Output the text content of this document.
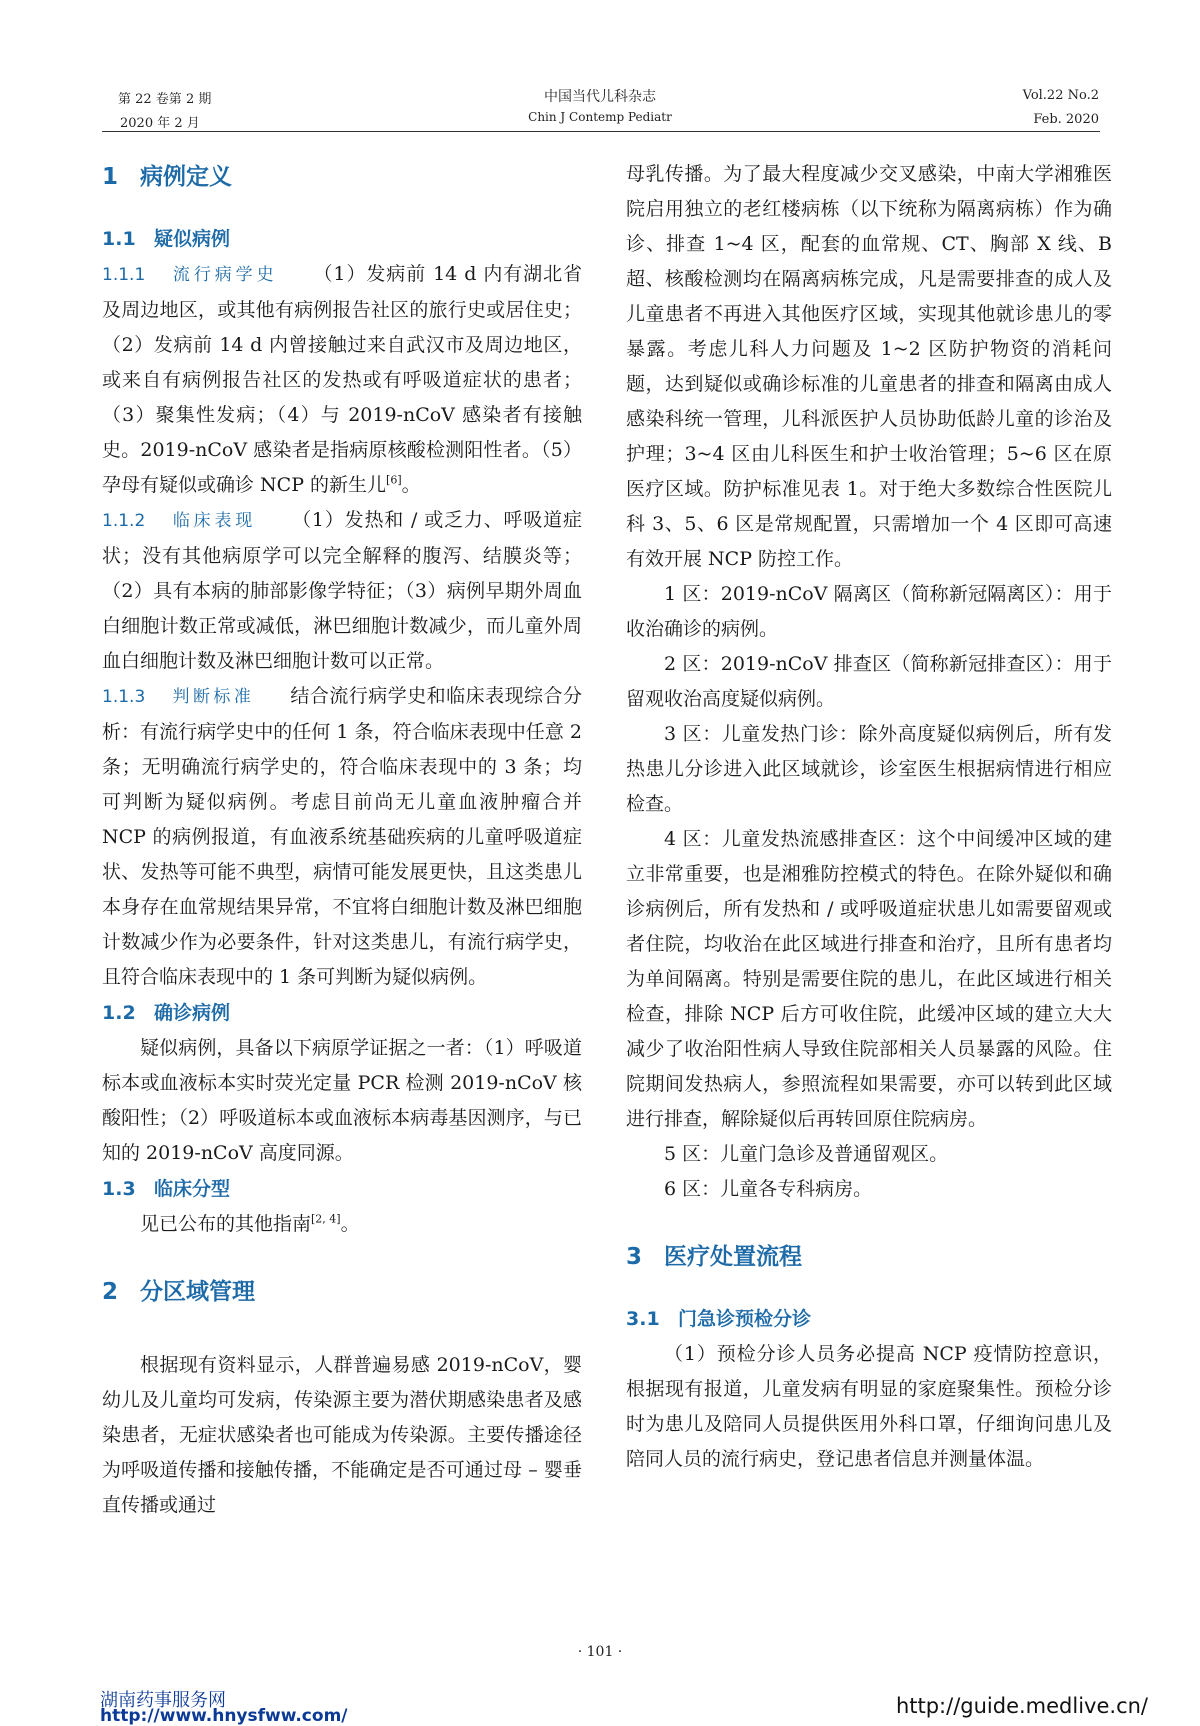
第 22 卷第 2 期
2020 年 2 月
中国当代儿科杂志
Chin J Contemp Pediatr
Vol.22 No.2
Feb. 2020
1 病例定义
1.1 疑似病例

1.1.1 流行病学史 （1）发病前 14 d 内有湖北省及周边地区，或其他有病例报告社区的旅行史或居住史；（2）发病前 14 d 内曾接触过来自武汉市及周边地区，或来自有病例报告社区的发热或有呼吸道症状的患者；（3）聚集性发病；（4）与 2019-nCoV 感染者有接触史。2019-nCoV 感染者是指病原核酸检测阳性者。（5）孕母有疑似或确诊 NCP 的新生儿[6]。

1.1.2 临床表现 （1）发热和 / 或乏力、呼吸道症状；没有其他病原学可以完全解释的腹泻、结膜炎等；（2）具有本病的肺部影像学特征；（3）病例早期外周血白细胞计数正常或减低，淋巴细胞计数减少，而儿童外周血白细胞计数及淋巴细胞计数可以正常。

1.1.3 判断标准 结合流行病学史和临床表现综合分析：有流行病学史中的任何 1 条，符合临床表现中任意 2 条；无明确流行病学史的，符合临床表现中的 3 条；均可判断为疑似病例。考虑目前尚无儿童血液肿瘤合并 NCP 的病例报道，有血液系统基础疾病的儿童呼吸道症状、发热等可能不典型，病情可能发展更快，且这类患儿本身存在血常规结果异常，不宜将白细胞计数及淋巴细胞计数减少作为必要条件，针对这类患儿，有流行病学史，且符合临床表现中的 1 条可判断为疑似病例。

1.2 确诊病例

疑似病例，具备以下病原学证据之一者：（1）呼吸道标本或血液标本实时荧光定量 PCR 检测 2019-nCoV 核酸阳性；（2）呼吸道标本或血液标本病毒基因测序，与已知的 2019-nCoV 高度同源。

1.3 临床分型

见已公布的其他指南[2, 4]。

2 分区域管理

根据现有资料显示，人群普遍易感 2019-nCoV，婴幼儿及儿童均可发病，传染源主要为潜伏期感染患者及感染患者，无症状感染者也可能成为传染源。主要传播途径为呼吸道传播和接触传播，不能确定是否可通过母 – 婴垂直传播或通过

母乳传播。为了最大程度减少交叉感染，中南大学湘雅医院启用独立的老红楼病栋（以下统称为隔离病栋）作为确诊、排查 1~4 区，配套的血常规、CT、胸部 X 线、B 超、核酸检测均在隔离病栋完成，凡是需要排查的成人及儿童患者不再进入其他医疗区域，实现其他就诊患儿的零暴露。考虑儿科人力问题及 1~2 区防护物资的消耗问题，达到疑似或确诊标准的儿童患者的排查和隔离由成人感染科统一管理，儿科派医护人员协助低龄儿童的诊治及护理；3~4 区由儿科医生和护士收治管理；5~6 区在原医疗区域。防护标准见表 1。对于绝大多数综合性医院儿科 3、5、6 区是常规配置，只需增加一个 4 区即可高速有效开展 NCP 防控工作。

1 区：2019-nCoV 隔离区（简称新冠隔离区）：用于收治确诊的病例。

2 区：2019-nCoV 排查区（简称新冠排查区）：用于留观收治高度疑似病例。

3 区：儿童发热门诊：除外高度疑似病例后，所有发热患儿分诊进入此区域就诊，诊室医生根据病情进行相应检查。

4 区：儿童发热流感排查区：这个中间缓冲区域的建立非常重要，也是湘雅防控模式的特色。在除外疑似和确诊病例后，所有发热和 / 或呼吸道症状患儿如需要留观或者住院，均收治在此区域进行排查和治疗，且所有患者均为单间隔离。特别是需要住院的患儿，在此区域进行相关检查，排除 NCP 后方可收住院，此缓冲区域的建立大大减少了收治阳性病人导致住院部相关人员暴露的风险。住院期间发热病人，参照流程如果需要，亦可以转到此区域进行排查，解除疑似后再转回原住院病房。

5 区：儿童门急诊及普通留观区。

6 区：儿童各专科病房。

3 医疗处置流程
3.1 门急诊预检分诊

（1）预检分诊人员务必提高 NCP 疫情防控意识，根据现有报道，儿童发病有明显的家庭聚集性。预检分诊时为患儿及陪同人员提供医用外科口罩，仔细询问患儿及陪同人员的流行病史，登记患者信息并测量体温。

· 101 ·
湖南药事服务网
http://www.hnysfww.com/	http://guide.medlive.cn/
